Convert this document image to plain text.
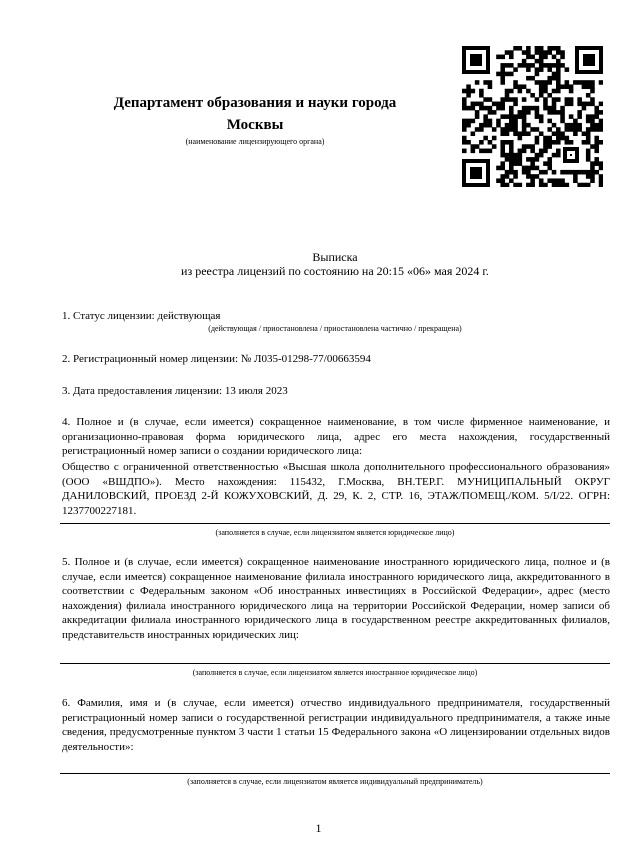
Департамент образования и науки города
Москвы
(наименование лицензирующего органа)
Выписка
из реестра лицензий по состоянию на 20:15 «06» мая 2024 г.
1. Статус лицензии: действующая
(действующая / приостановлена / приостановлена частично / прекращена)
2. Регистрационный номер лицензии: № Л035-01298-77/00663594
3. Дата предоставления лицензии: 13 июля 2023
4. Полное и (в случае, если имеется) сокращенное наименование, в том числе фирменное наименование, и организационно-правовая форма юридического лица, адрес его места нахождения, государственный регистрационный номер записи о создании юридического лица:
Общество с ограниченной ответственностью «Высшая школа дополнительного профессионального образования» (ООО «ВШДПО»). Место нахождения: 115432, Г.Москва, ВН.ТЕР.Г. МУНИЦИПАЛЬНЫЙ ОКРУГ ДАНИЛОВСКИЙ, ПРОЕЗД 2-Й КОЖУХОВСКИЙ, Д. 29, К. 2, СТР. 16, ЭТАЖ/ПОМЕЩ./КОМ. 5/I/22. ОГРН: 1237700227181.
(заполняется в случае, если лицензиатом является юридическое лицо)
5. Полное и (в случае, если имеется) сокращенное наименование иностранного юридического лица, полное и (в случае, если имеется) сокращенное наименование филиала иностранного юридического лица, аккредитованного в соответствии с Федеральным законом «Об иностранных инвестициях в Российской Федерации», адрес (место нахождения) филиала иностранного юридического лица на территории Российской Федерации, номер записи об аккредитации филиала иностранного юридического лица в государственном реестре аккредитованных филиалов, представительств иностранных юридических лиц:
(заполняется в случае, если лицензиатом является иностранное юридическое лицо)
6. Фамилия, имя и (в случае, если имеется) отчество индивидуального предпринимателя, государственный регистрационный номер записи о государственной регистрации индивидуального предпринимателя, а также иные сведения, предусмотренные пунктом 3 части 1 статьи 15 Федерального закона «О лицензировании отдельных видов деятельности»:
(заполняется в случае, если лицензиатом является индивидуальный предприниматель)
1
